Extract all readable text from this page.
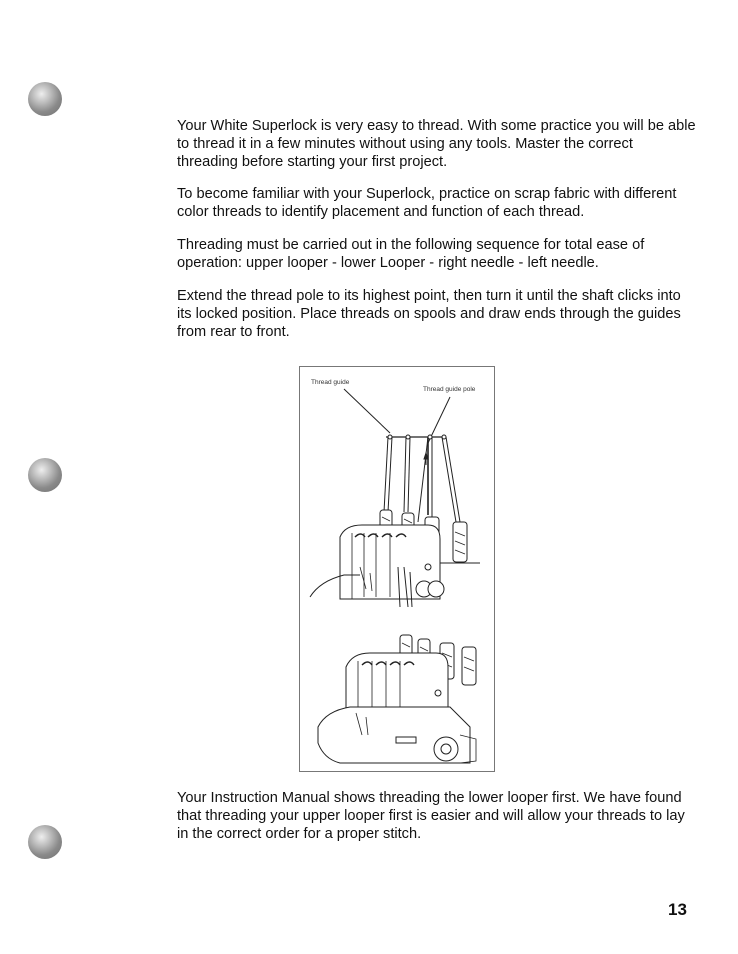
Your White Superlock is very easy to thread. With some practice you will be able to thread it in a few minutes without using any tools. Master the correct threading before starting your first project.

To become familiar with your Superlock, practice on scrap fabric with different color threads to identify placement and function of each thread.

Threading must be carried out in the following sequence for total ease of operation: upper looper - lower Looper - right needle - left needle.

Extend the thread pole to its highest point, then turn it until the shaft clicks into its locked position. Place threads on spools and draw ends through the guides from rear to front.

Thread guide
Thread guide pole

Your Instruction Manual shows threading the lower looper first. We have found that threading your upper looper first is easier and will allow your threads to lay in the correct order for a proper stitch.

13
